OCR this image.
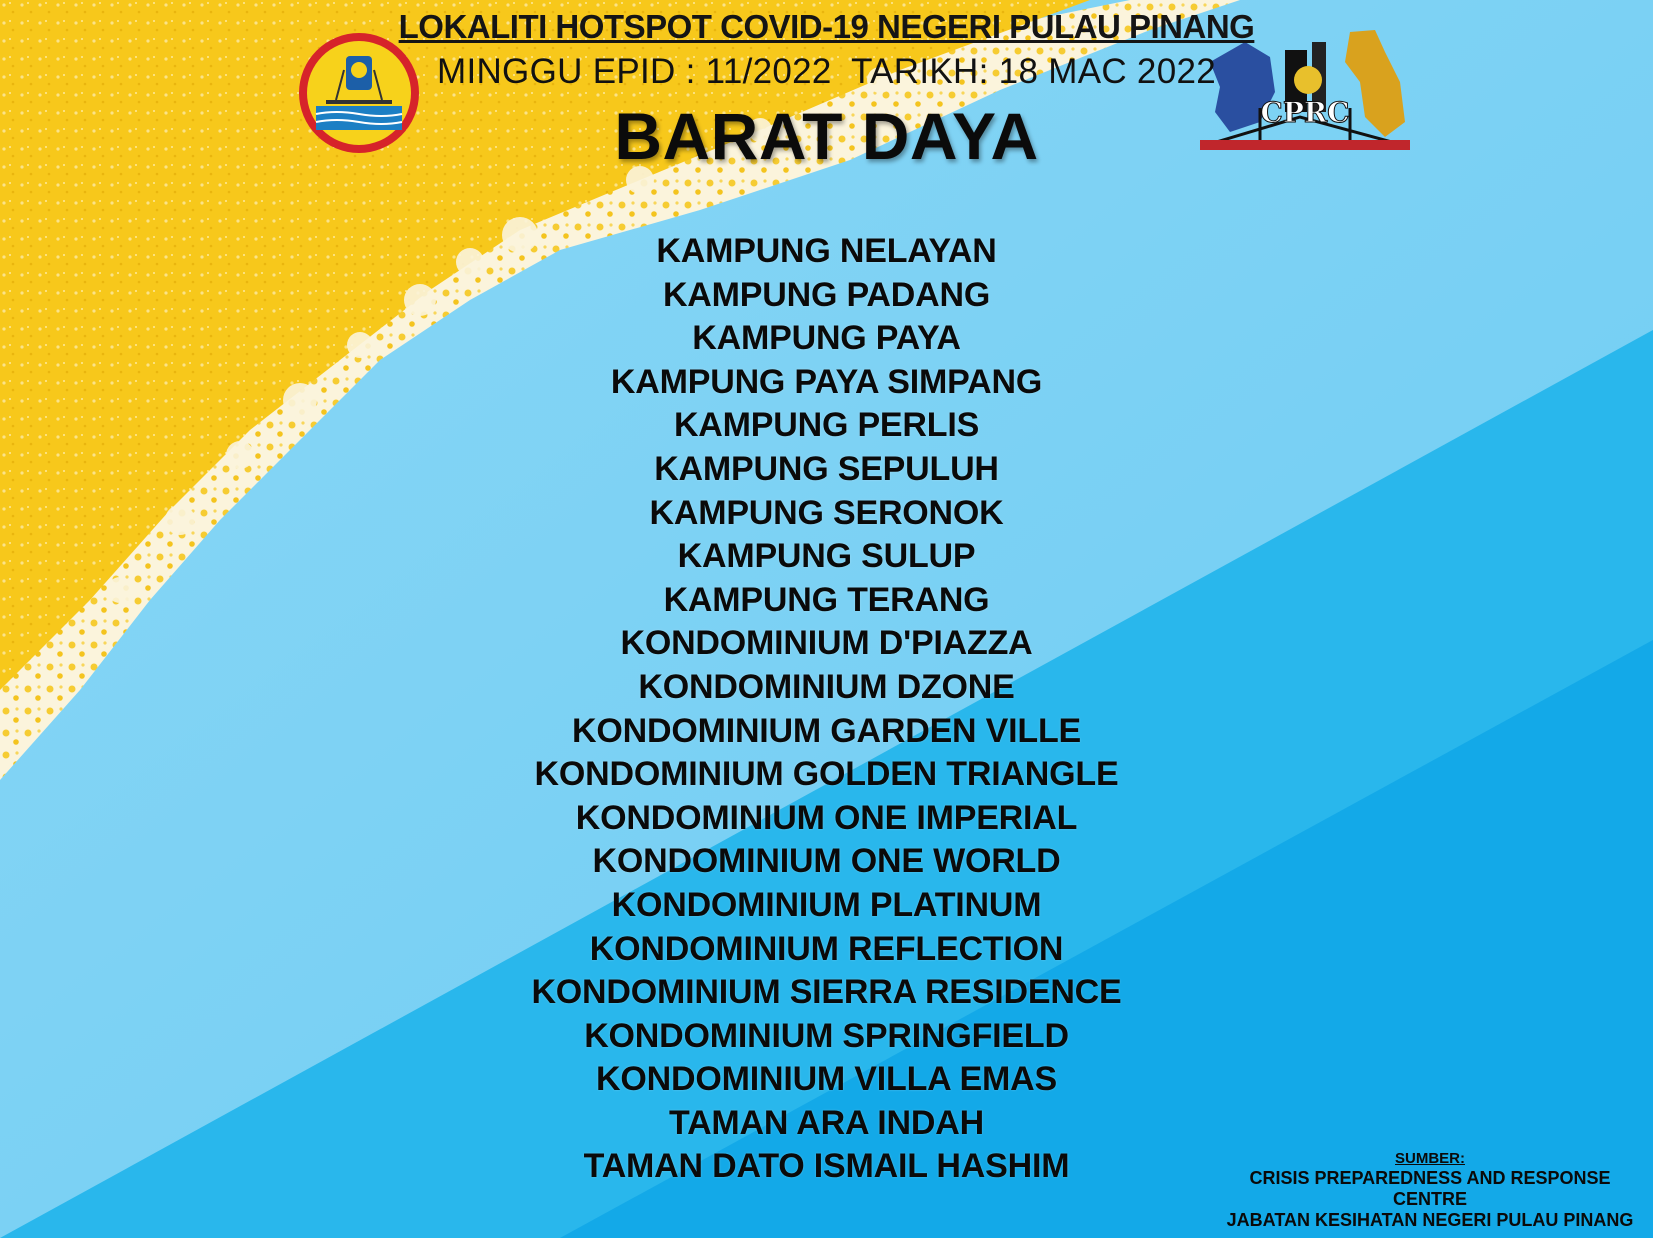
CPRC
LOKALITI HOTSPOT COVID-19 NEGERI PULAU PINANG
MINGGU EPID : 11/2022  TARIKH: 18 MAC 2022
BARAT DAYA
KAMPUNG NELAYAN
KAMPUNG PADANG
KAMPUNG PAYA
KAMPUNG PAYA SIMPANG
KAMPUNG PERLIS
KAMPUNG SEPULUH
KAMPUNG SERONOK
KAMPUNG SULUP
KAMPUNG TERANG
KONDOMINIUM D'PIAZZA
KONDOMINIUM DZONE
KONDOMINIUM GARDEN VILLE
KONDOMINIUM GOLDEN TRIANGLE
KONDOMINIUM ONE IMPERIAL
KONDOMINIUM ONE WORLD
KONDOMINIUM PLATINUM
KONDOMINIUM REFLECTION
KONDOMINIUM SIERRA RESIDENCE
KONDOMINIUM SPRINGFIELD
KONDOMINIUM VILLA EMAS
TAMAN ARA INDAH
TAMAN DATO ISMAIL HASHIM	SUMBER:
CRISIS PREPAREDNESS AND RESPONSE
CENTRE
JABATAN KESIHATAN NEGERI PULAU PINANG
